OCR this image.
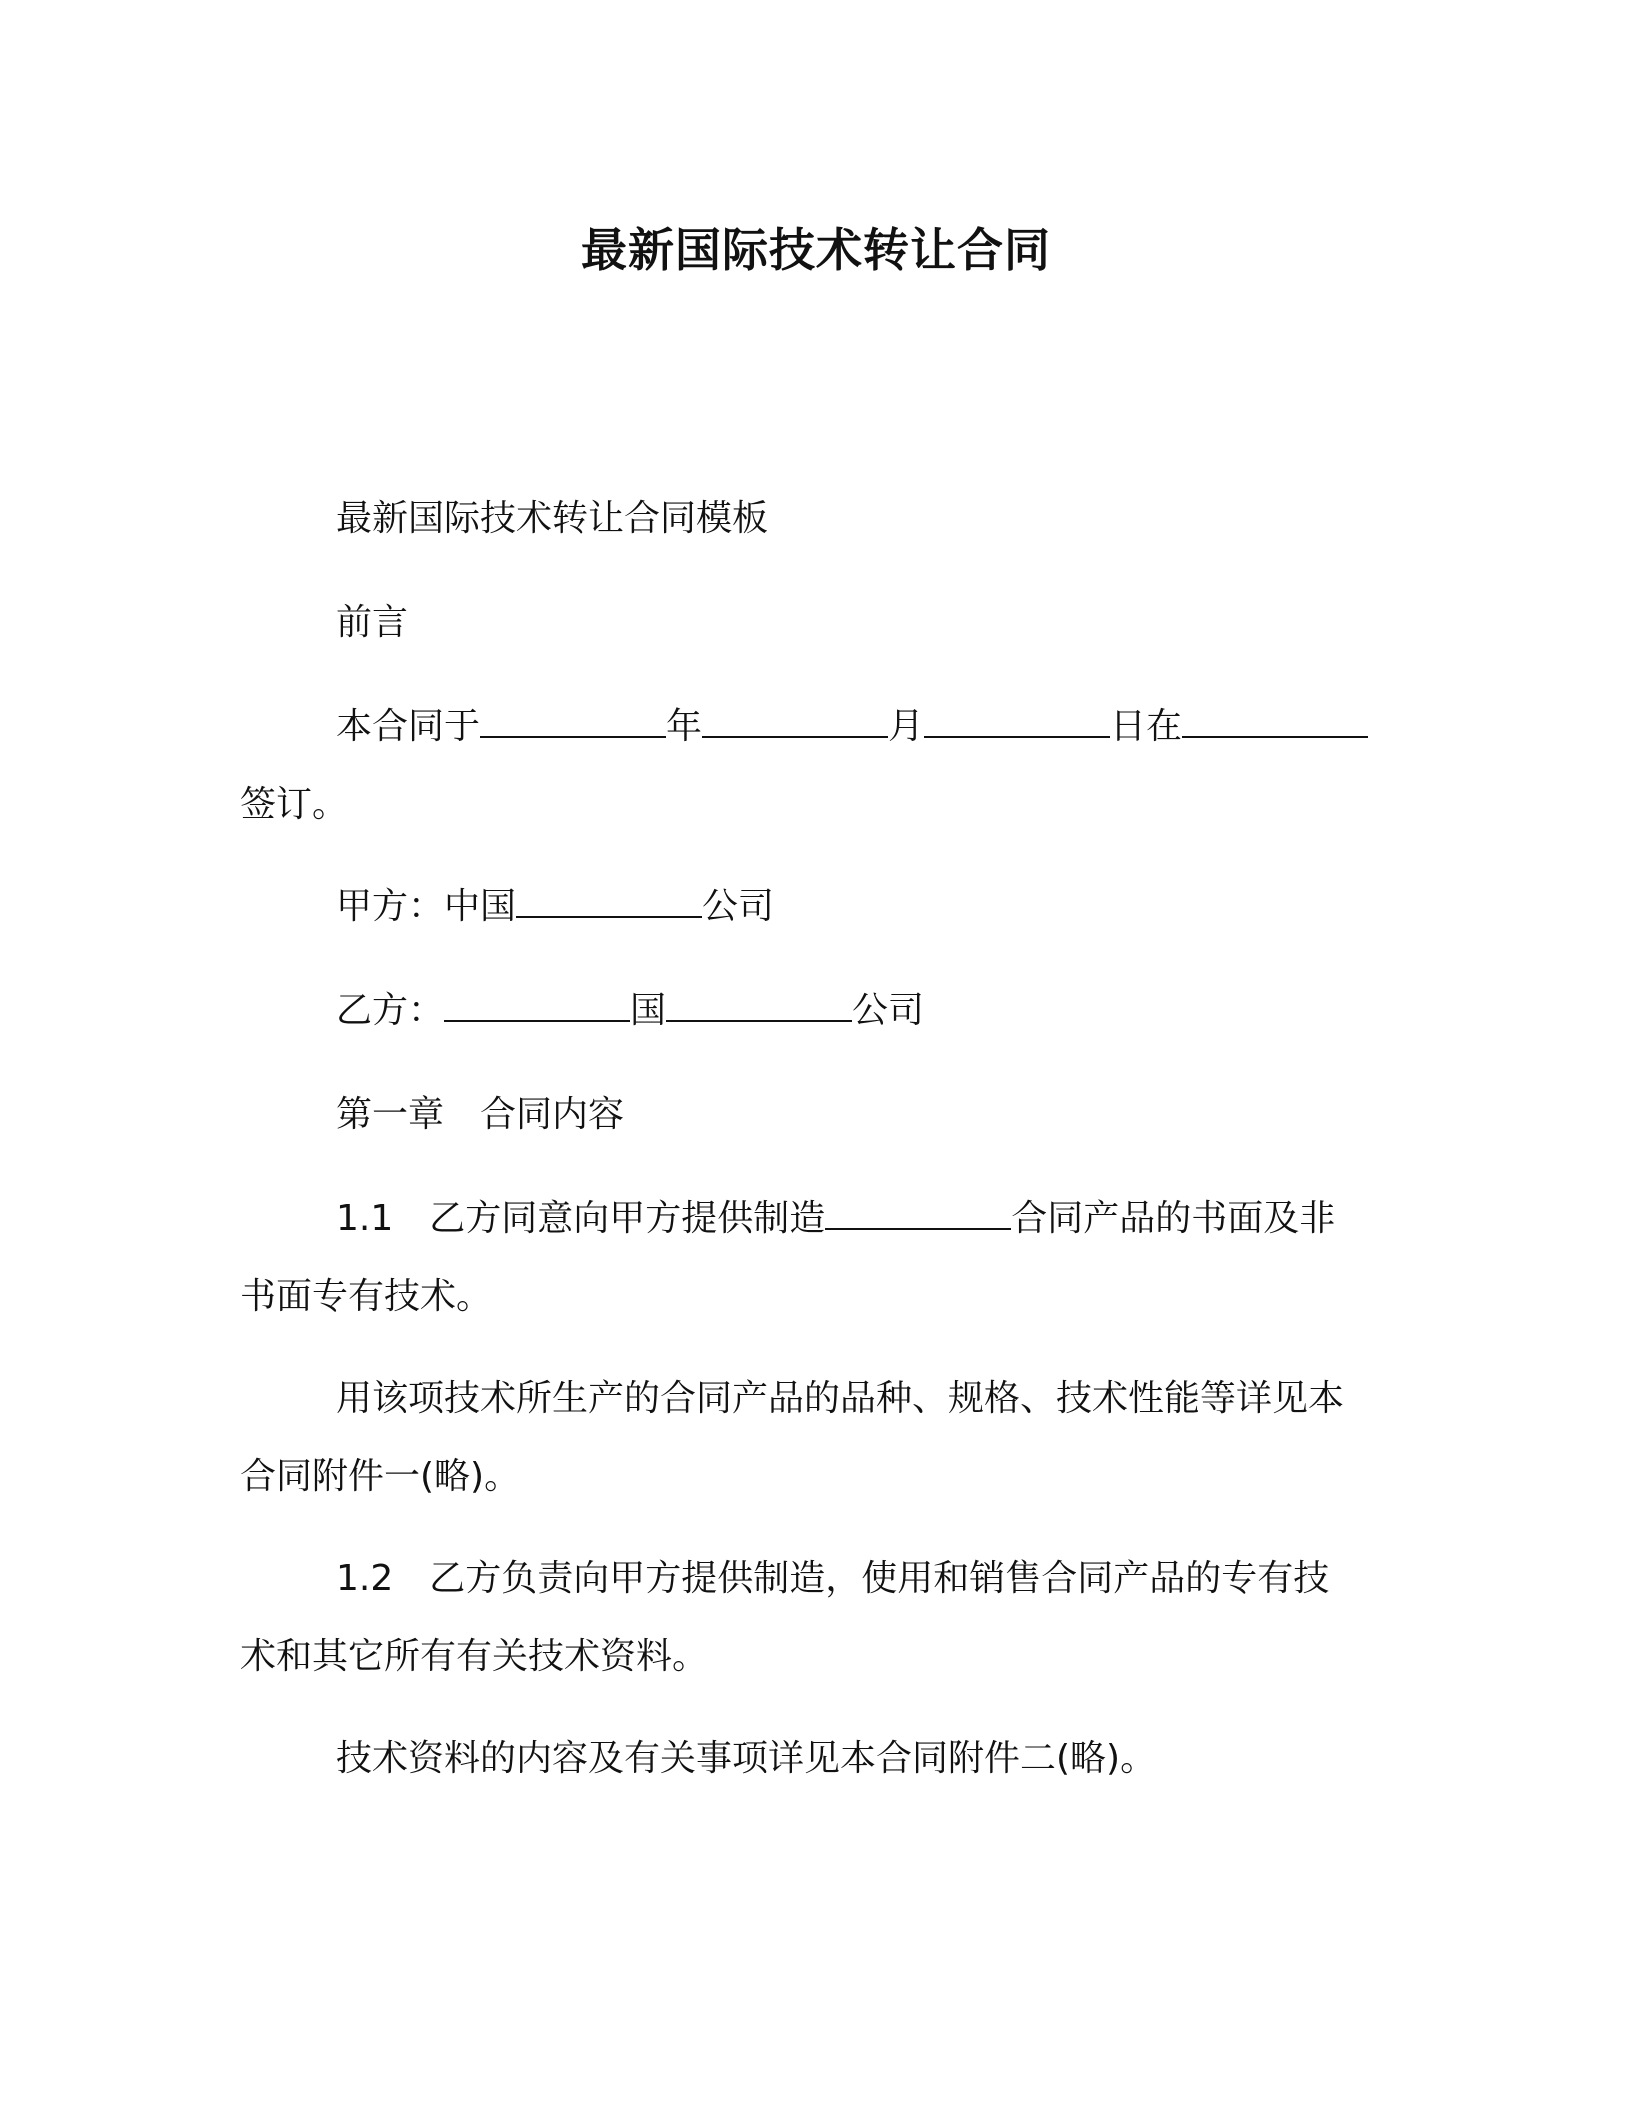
最新国际技术转让合同

最新国际技术转让合同模板

前言

本合同于	年	月	日在

签订。

甲方：中国	公司

乙方：	国	公司

第一章　合同内容

1.1　乙方同意向甲方提供制造	合同产品的书面及非

书面专有技术。

用该项技术所生产的合同产品的品种、规格、技术性能等详见本

合同附件一(略)。

1.2　乙方负责向甲方提供制造，使用和销售合同产品的专有技

术和其它所有有关技术资料。

技术资料的内容及有关事项详见本合同附件二(略)。
